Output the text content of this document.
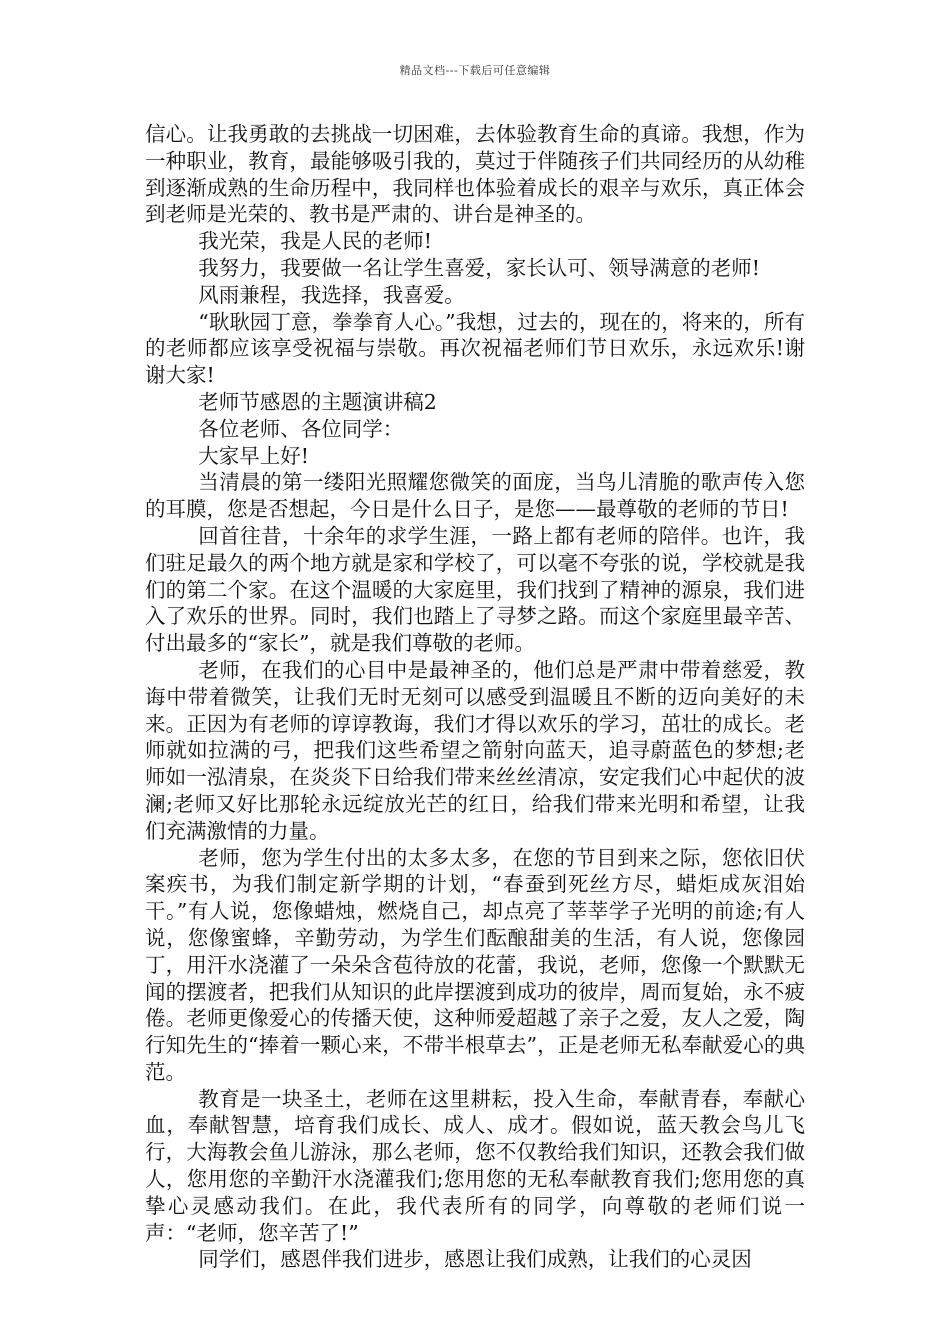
精品文档---下载后可任意编辑

信心。让我勇敢的去挑战一切困难，去体验教育生命的真谛。我想，作为一种职业，教育，最能够吸引我的，莫过于伴随孩子们共同经历的从幼稚到逐渐成熟的生命历程中，我同样也体验着成长的艰辛与欢乐，真正体会到老师是光荣的、教书是严肃的、讲台是神圣的。

我光荣，我是人民的老师!

我努力，我要做一名让学生喜爱，家长认可、领导满意的老师!

风雨兼程，我选择，我喜爱。

“耿耿园丁意，拳拳育人心。”我想，过去的，现在的，将来的，所有的老师都应该享受祝福与崇敬。再次祝福老师们节日欢乐，永远欢乐!谢谢大家!

老师节感恩的主题演讲稿2

各位老师、各位同学：

大家早上好!

当清晨的第一缕阳光照耀您微笑的面庞，当鸟儿清脆的歌声传入您的耳膜，您是否想起，今日是什么日子，是您——最尊敬的老师的节日!

回首往昔，十余年的求学生涯，一路上都有老师的陪伴。也许，我们驻足最久的两个地方就是家和学校了，可以毫不夸张的说，学校就是我们的第二个家。在这个温暖的大家庭里，我们找到了精神的源泉，我们进入了欢乐的世界。同时，我们也踏上了寻梦之路。而这个家庭里最辛苦、付出最多的“家长”，就是我们尊敬的老师。

老师，在我们的心目中是最神圣的，他们总是严肃中带着慈爱，教诲中带着微笑，让我们无时无刻可以感受到温暖且不断的迈向美好的未来。正因为有老师的谆谆教诲，我们才得以欢乐的学习，茁壮的成长。老师就如拉满的弓，把我们这些希望之箭射向蓝天，追寻蔚蓝色的梦想;老师如一泓清泉，在炎炎下日给我们带来丝丝清凉，安定我们心中起伏的波澜;老师又好比那轮永远绽放光芒的红日，给我们带来光明和希望，让我们充满激情的力量。

老师，您为学生付出的太多太多，在您的节目到来之际，您依旧伏案疾书，为我们制定新学期的计划，“春蚕到死丝方尽，蜡炬成灰泪始干。”有人说，您像蜡烛，燃烧自己，却点亮了莘莘学子光明的前途;有人说，您像蜜蜂，辛勤劳动，为学生们酝酿甜美的生活，有人说，您像园丁，用汗水浇灌了一朵朵含苞待放的花蕾，我说，老师，您像一个默默无闻的摆渡者，把我们从知识的此岸摆渡到成功的彼岸，周而复始，永不疲倦。老师更像爱心的传播天使，这种师爱超越了亲子之爱，友人之爱，陶行知先生的“捧着一颗心来，不带半根草去”，正是老师无私奉献爱心的典范。

教育是一块圣土，老师在这里耕耘，投入生命，奉献青春，奉献心血，奉献智慧，培育我们成长、成人、成才。假如说，蓝天教会鸟儿飞行，大海教会鱼儿游泳，那么老师，您不仅教给我们知识，还教会我们做人，您用您的辛勤汗水浇灌我们;您用您的无私奉献教育我们;您用您的真挚心灵感动我们。在此，我代表所有的同学，向尊敬的老师们说一声：“老师，您辛苦了!”

同学们，感恩伴我们进步，感恩让我们成熟，让我们的心灵因
